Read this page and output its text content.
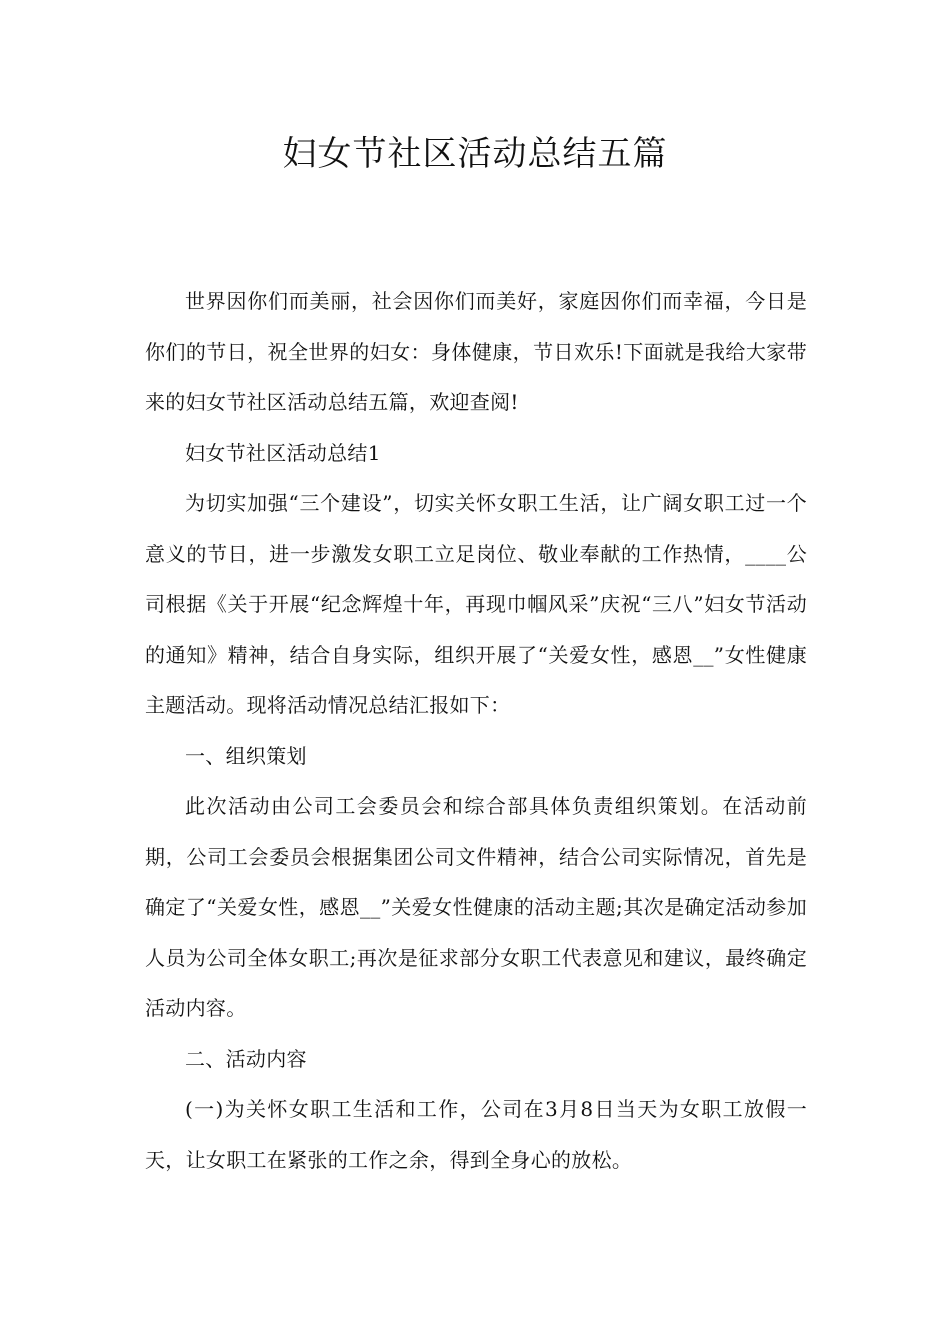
妇女节社区活动总结五篇

世界因你们而美丽，社会因你们而美好，家庭因你们而幸福，今日是你们的节日，祝全世界的妇女：身体健康，节日欢乐!下面就是我给大家带来的妇女节社区活动总结五篇，欢迎查阅!

妇女节社区活动总结1

为切实加强“三个建设”，切实关怀女职工生活，让广阔女职工过一个意义的节日，进一步激发女职工立足岗位、敬业奉献的工作热情，____公司根据《关于开展“纪念辉煌十年，再现巾帼风采”庆祝“三八”妇女节活动的通知》精神，结合自身实际，组织开展了“关爱女性，感恩__”女性健康主题活动。现将活动情况总结汇报如下：

一、组织策划

此次活动由公司工会委员会和综合部具体负责组织策划。在活动前期，公司工会委员会根据集团公司文件精神，结合公司实际情况，首先是确定了“关爱女性，感恩__”关爱女性健康的活动主题;其次是确定活动参加人员为公司全体女职工;再次是征求部分女职工代表意见和建议，最终确定活动内容。

二、活动内容

(一)为关怀女职工生活和工作，公司在3月8日当天为女职工放假一天，让女职工在紧张的工作之余，得到全身心的放松。
